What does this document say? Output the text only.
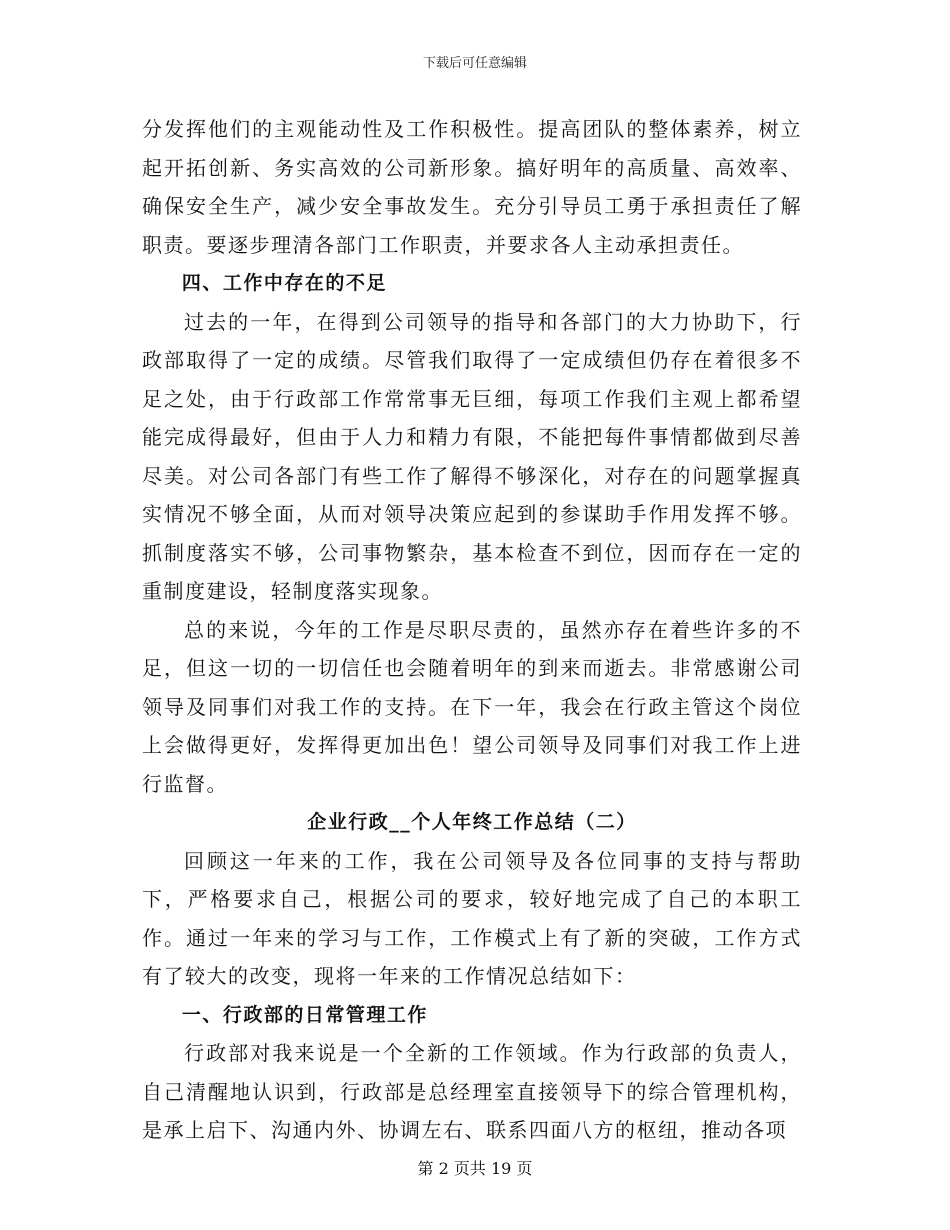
下载后可任意编辑

分发挥他们的主观能动性及工作积极性。提高团队的整体素养，树立起开拓创新、务实高效的公司新形象。搞好明年的高质量、高效率、确保安全生产，减少安全事故发生。充分引导员工勇于承担责任了解职责。要逐步理清各部门工作职责，并要求各人主动承担责任。

四、工作中存在的不足

过去的一年，在得到公司领导的指导和各部门的大力协助下，行政部取得了一定的成绩。尽管我们取得了一定成绩但仍存在着很多不足之处，由于行政部工作常常事无巨细，每项工作我们主观上都希望能完成得最好，但由于人力和精力有限，不能把每件事情都做到尽善尽美。对公司各部门有些工作了解得不够深化，对存在的问题掌握真实情况不够全面，从而对领导决策应起到的参谋助手作用发挥不够。抓制度落实不够，公司事物繁杂，基本检查不到位，因而存在一定的重制度建设，轻制度落实现象。

总的来说，今年的工作是尽职尽责的，虽然亦存在着些许多的不足，但这一切的一切信任也会随着明年的到来而逝去。非常感谢公司领导及同事们对我工作的支持。在下一年，我会在行政主管这个岗位上会做得更好，发挥得更加出色！望公司领导及同事们对我工作上进行监督。

企业行政__个人年终工作总结（二）

回顾这一年来的工作，我在公司领导及各位同事的支持与帮助下，严格要求自己，根据公司的要求，较好地完成了自己的本职工作。通过一年来的学习与工作，工作模式上有了新的突破，工作方式有了较大的改变，现将一年来的工作情况总结如下：

一、行政部的日常管理工作

行政部对我来说是一个全新的工作领域。作为行政部的负责人，自己清醒地认识到，行政部是总经理室直接领导下的综合管理机构，是承上启下、沟通内外、协调左右、联系四面八方的枢纽，推动各项

第 2 页共 19 页
